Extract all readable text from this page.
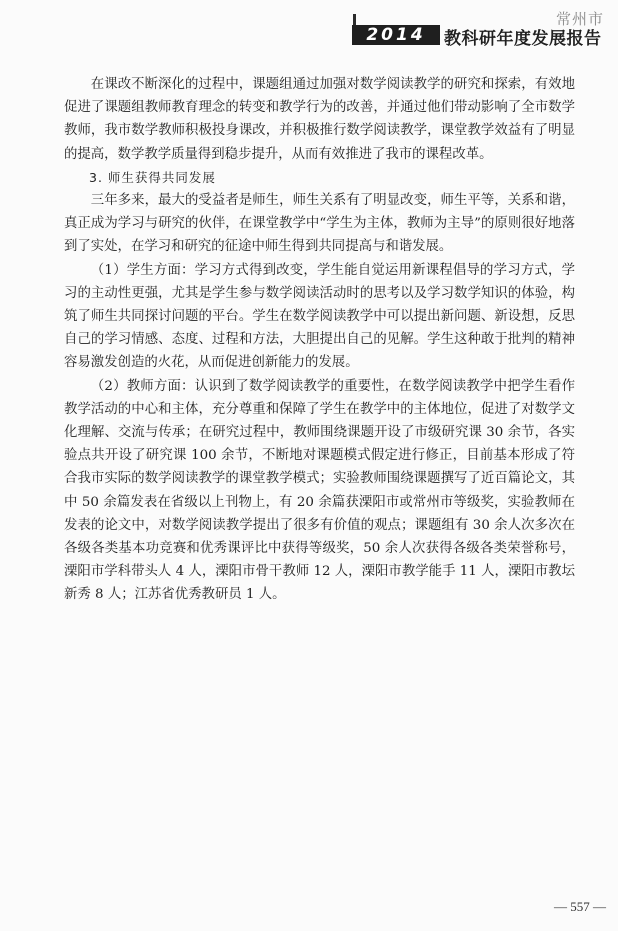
常州市
2014	教科研年度发展报告

在课改不断深化的过程中，课题组通过加强对数学阅读教学的研究和探索，有效地促进了课题组教师教育理念的转变和教学行为的改善，并通过他们带动影响了全市数学教师，我市数学教师积极投身课改，并积极推行数学阅读教学，课堂教学效益有了明显的提高，数学教学质量得到稳步提升，从而有效推进了我市的课程改革。

3. 师生获得共同发展

三年多来，最大的受益者是师生，师生关系有了明显改变，师生平等，关系和谐，真正成为学习与研究的伙伴，在课堂教学中“学生为主体，教师为主导”的原则很好地落到了实处，在学习和研究的征途中师生得到共同提高与和谐发展。

（1）学生方面：学习方式得到改变，学生能自觉运用新课程倡导的学习方式，学习的主动性更强，尤其是学生参与数学阅读活动时的思考以及学习数学知识的体验，构筑了师生共同探讨问题的平台。学生在数学阅读教学中可以提出新问题、新设想，反思自己的学习情感、态度、过程和方法，大胆提出自己的见解。学生这种敢于批判的精神容易激发创造的火花，从而促进创新能力的发展。

（2）教师方面：认识到了数学阅读教学的重要性，在数学阅读教学中把学生看作教学活动的中心和主体，充分尊重和保障了学生在教学中的主体地位，促进了对数学文化理解、交流与传承；在研究过程中，教师围绕课题开设了市级研究课 30 余节，各实验点共开设了研究课 100 余节，不断地对课题模式假定进行修正，目前基本形成了符合我市实际的数学阅读教学的课堂教学模式；实验教师围绕课题撰写了近百篇论文，其中 50 余篇发表在省级以上刊物上，有 20 余篇获溧阳市或常州市等级奖，实验教师在发表的论文中，对数学阅读教学提出了很多有价值的观点；课题组有 30 余人次多次在各级各类基本功竞赛和优秀课评比中获得等级奖，50 余人次获得各级各类荣誉称号，溧阳市学科带头人 4 人，溧阳市骨干教师 12 人，溧阳市教学能手 11 人，溧阳市教坛新秀 8 人；江苏省优秀教研员 1 人。

— 557 —
